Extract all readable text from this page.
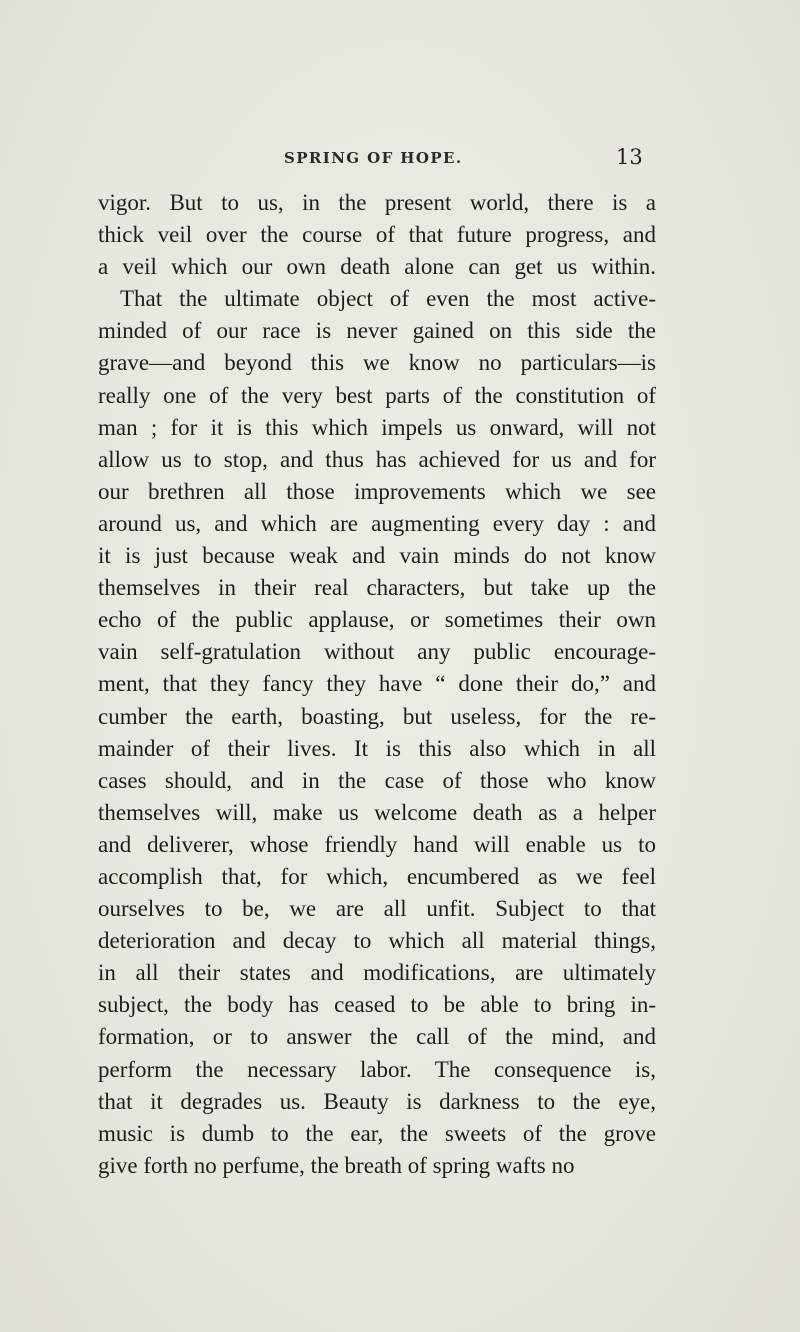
SPRING OF HOPE.	13
vigor. But to us, in the present world, there is a
thick veil over the course of that future progress, and
a veil which our own death alone can get us within.
That the ultimate object of even the most active-
minded of our race is never gained on this side the
grave—and beyond this we know no particulars—is
really one of the very best parts of the constitution of
man ; for it is this which impels us onward, will not
allow us to stop, and thus has achieved for us and for
our brethren all those improvements which we see
around us, and which are augmenting every day : and
it is just because weak and vain minds do not know
themselves in their real characters, but take up the
echo of the public applause, or sometimes their own
vain self-gratulation without any public encourage-
ment, that they fancy they have “ done their do,” and
cumber the earth, boasting, but useless, for the re-
mainder of their lives. It is this also which in all
cases should, and in the case of those who know
themselves will, make us welcome death as a helper
and deliverer, whose friendly hand will enable us to
accomplish that, for which, encumbered as we feel
ourselves to be, we are all unfit. Subject to that
deterioration and decay to which all material things,
in all their states and modifications, are ultimately
subject, the body has ceased to be able to bring in-
formation, or to answer the call of the mind, and
perform the necessary labor. The consequence is,
that it degrades us. Beauty is darkness to the eye,
music is dumb to the ear, the sweets of the grove
give forth no perfume, the breath of spring wafts no
